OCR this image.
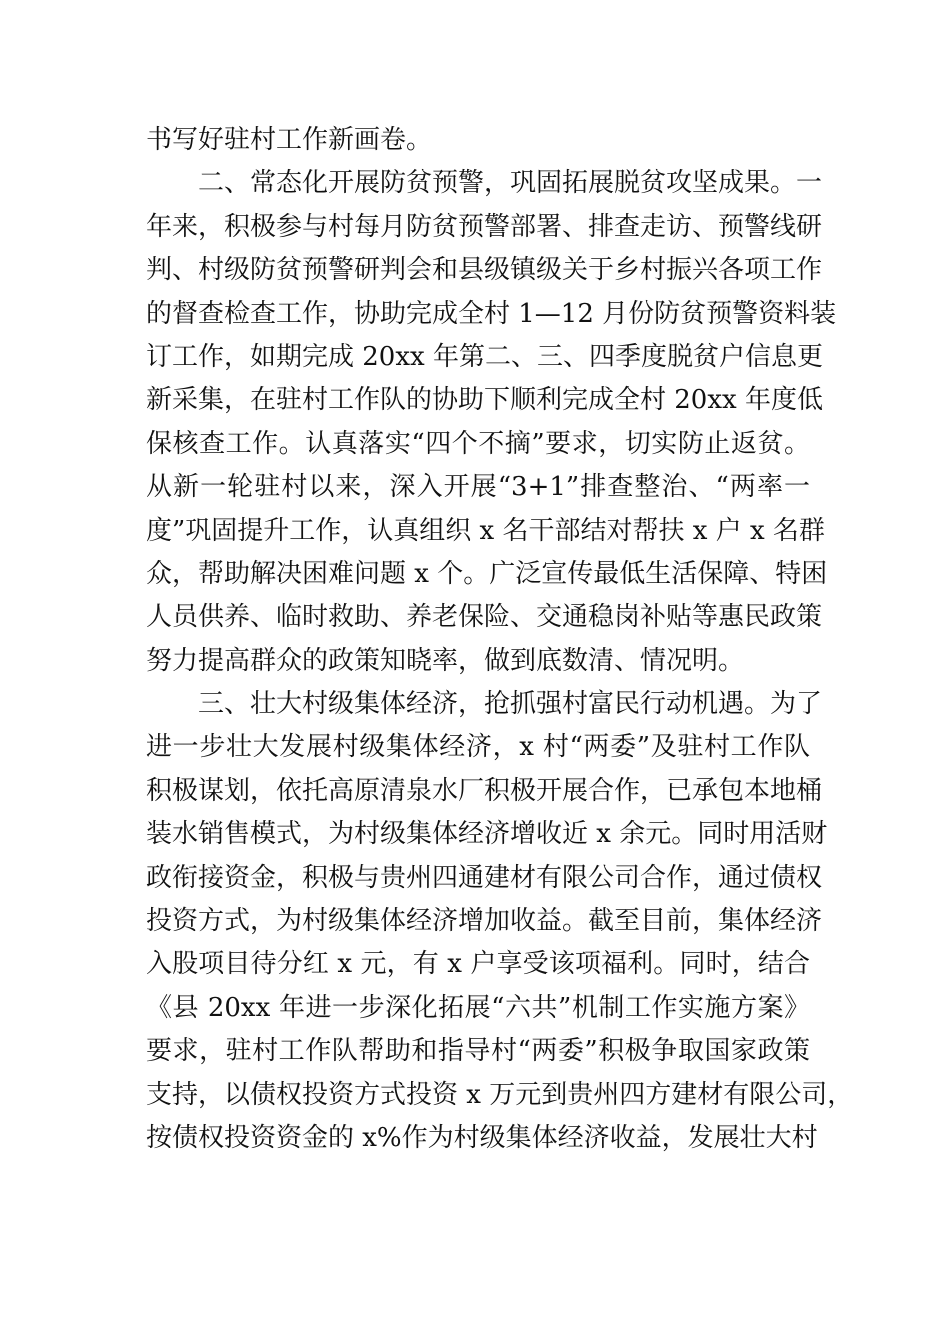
书写好驻村工作新画卷。
二、常态化开展防贫预警，巩固拓展脱贫攻坚成果。一
年来，积极参与村每月防贫预警部署、排查走访、预警线研
判、村级防贫预警研判会和县级镇级关于乡村振兴各项工作
的督查检查工作，协助完成全村 1—12 月份防贫预警资料装
订工作，如期完成 20xx 年第二、三、四季度脱贫户信息更
新采集，在驻村工作队的协助下顺利完成全村 20xx 年度低
保核查工作。认真落实“四个不摘”要求，切实防止返贫。
从新一轮驻村以来，深入开展“3+1”排查整治、“两率一
度”巩固提升工作，认真组织 x 名干部结对帮扶 x 户 x 名群
众，帮助解决困难问题 x 个。广泛宣传最低生活保障、特困
人员供养、临时救助、养老保险、交通稳岗补贴等惠民政策
努力提高群众的政策知晓率，做到底数清、情况明。
三、壮大村级集体经济，抢抓强村富民行动机遇。为了
进一步壮大发展村级集体经济，x 村“两委”及驻村工作队
积极谋划，依托高原清泉水厂积极开展合作，已承包本地桶
装水销售模式，为村级集体经济增收近 x 余元。同时用活财
政衔接资金，积极与贵州四通建材有限公司合作，通过债权
投资方式，为村级集体经济增加收益。截至目前，集体经济
入股项目待分红 x 元，有 x 户享受该项福利。同时，结合
《县 20xx 年进一步深化拓展“六共”机制工作实施方案》
要求，驻村工作队帮助和指导村“两委”积极争取国家政策
支持，以债权投资方式投资 x 万元到贵州四方建材有限公司，
按债权投资资金的 x%作为村级集体经济收益，发展壮大村
